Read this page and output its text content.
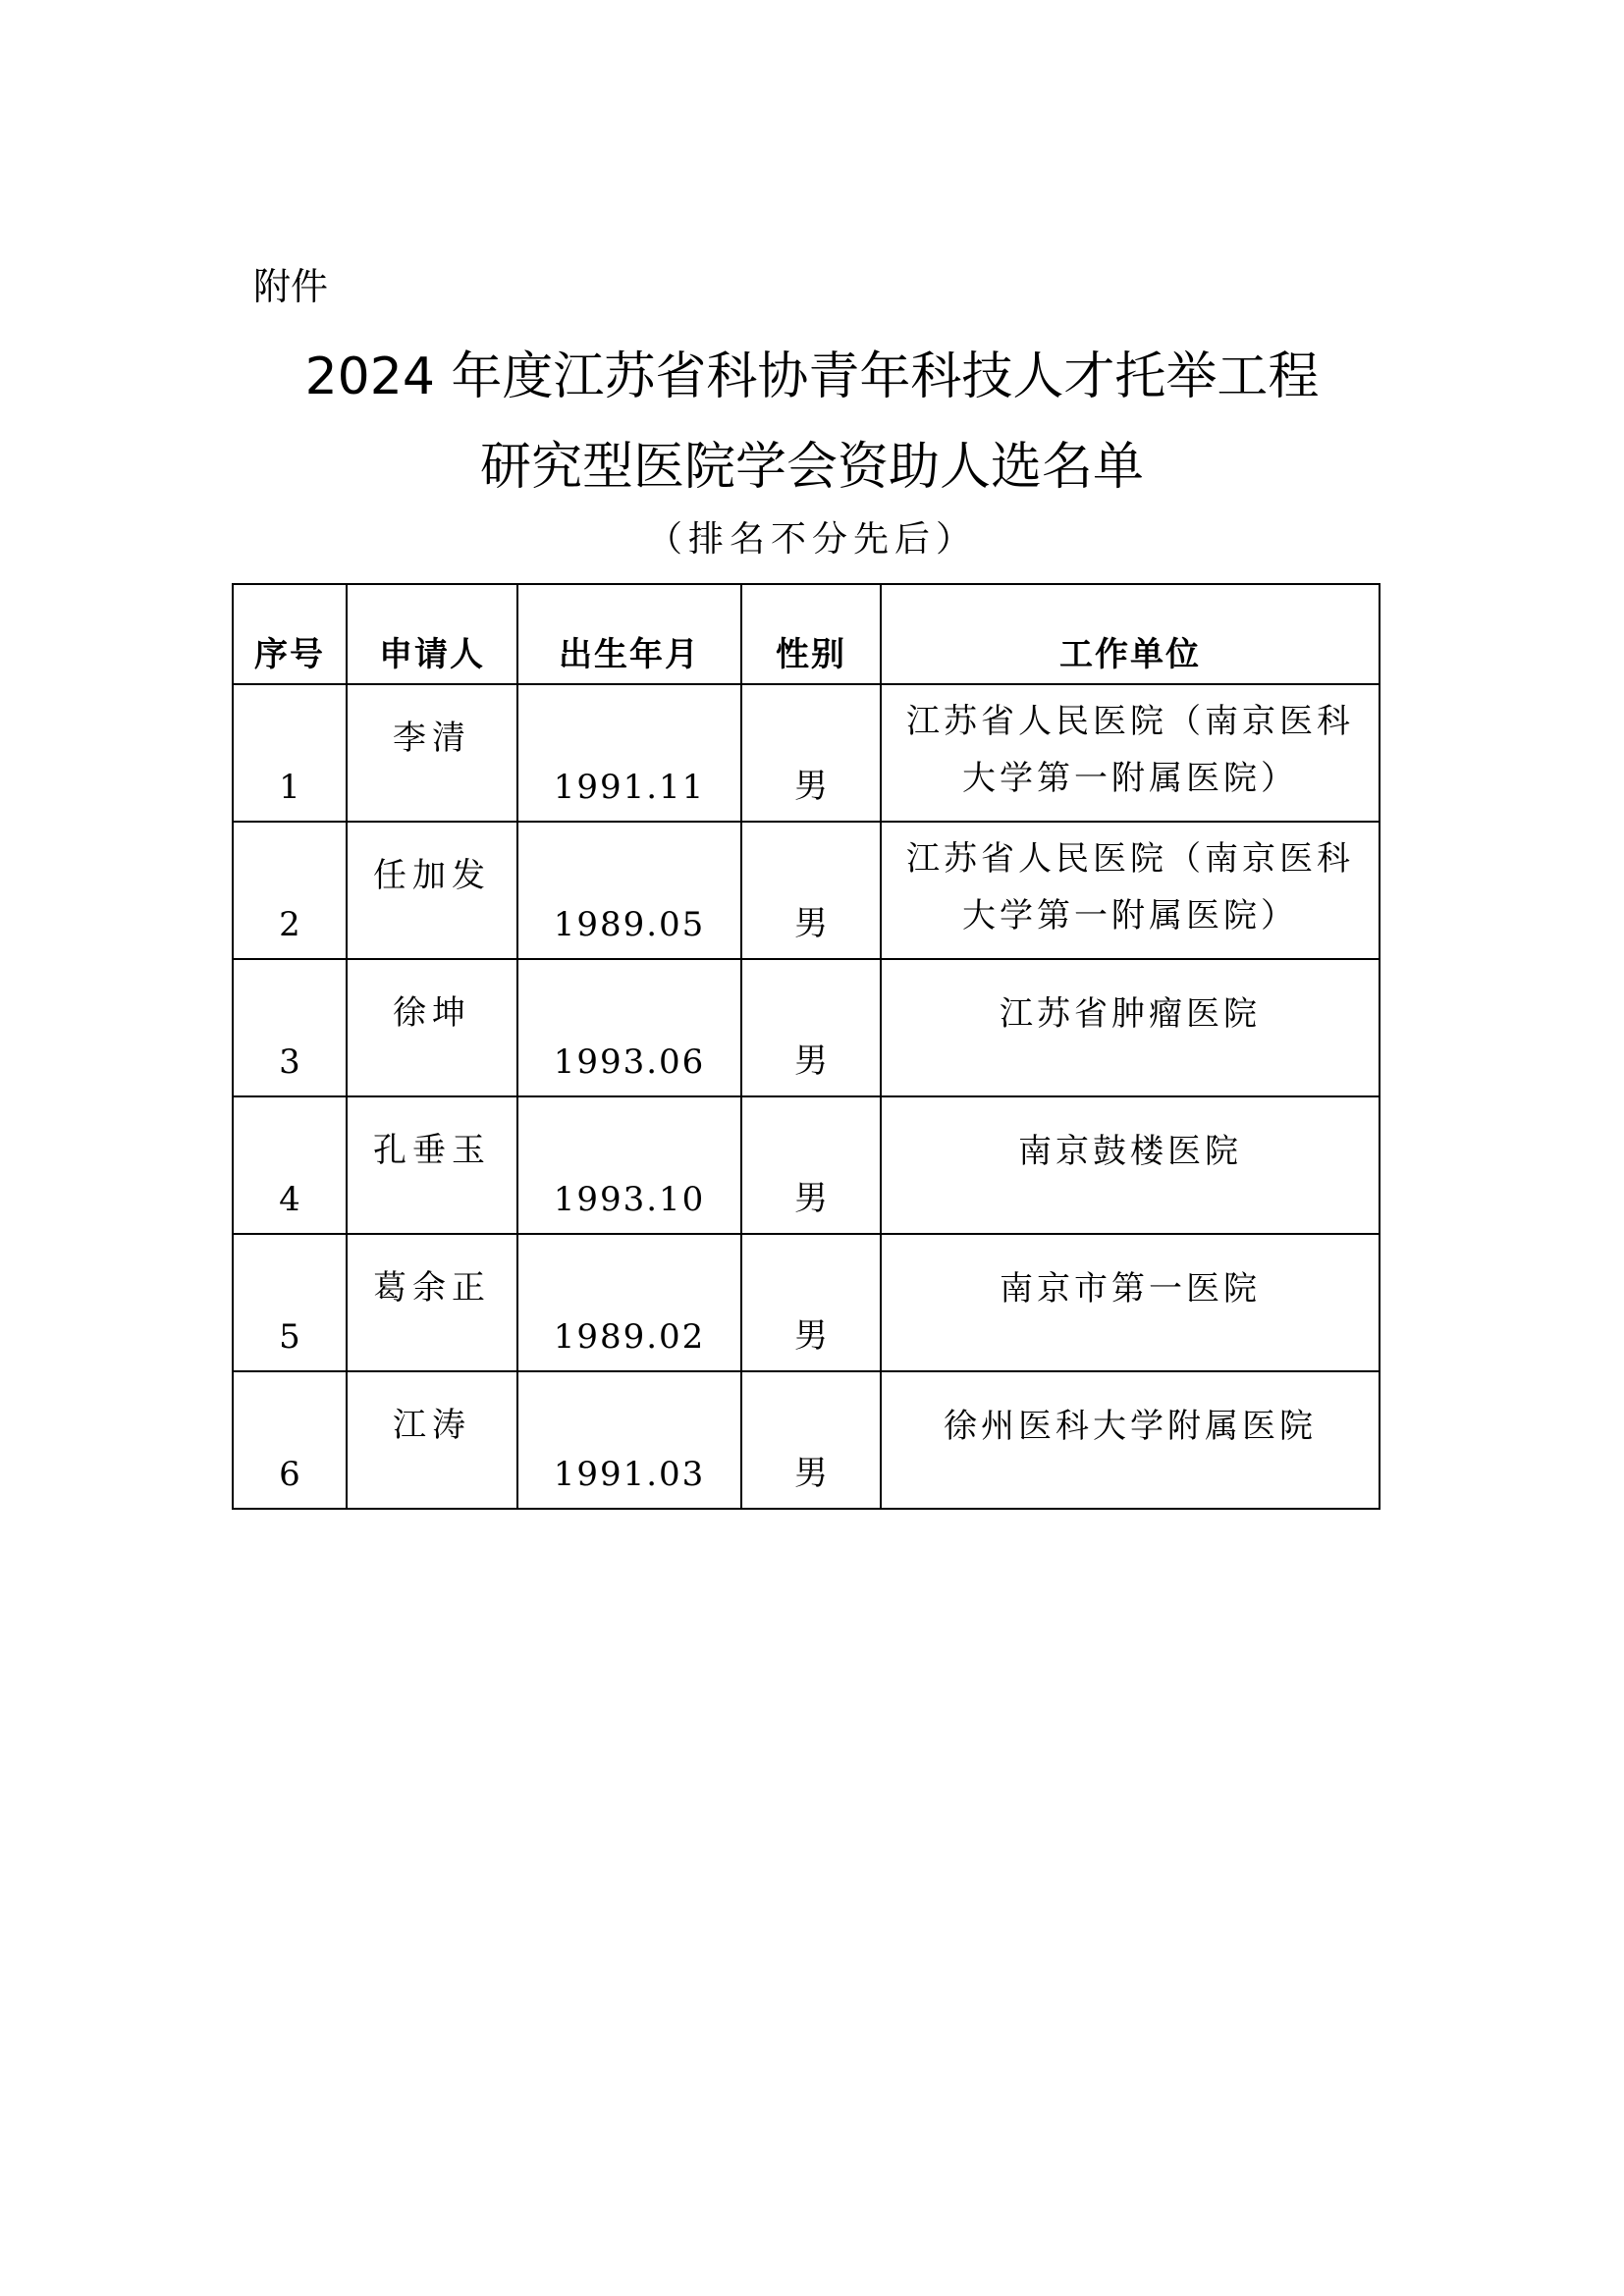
附件
2024 年度江苏省科协青年科技人才托举工程
研究型医院学会资助人选名单
（排名不分先后）
序号	申请人	出生年月	性别	工作单位
1	李清	1991.11	男	江苏省人民医院（南京医科大学第一附属医院）

2	任加发	1989.05	男	江苏省人民医院（南京医科大学第一附属医院）

3	徐坤	1993.06	男	江苏省肿瘤医院

4	孔垂玉	1993.10	男	南京鼓楼医院

5	葛余正	1989.02	男	南京市第一医院

6	江涛	1991.03	男	徐州医科大学附属医院
